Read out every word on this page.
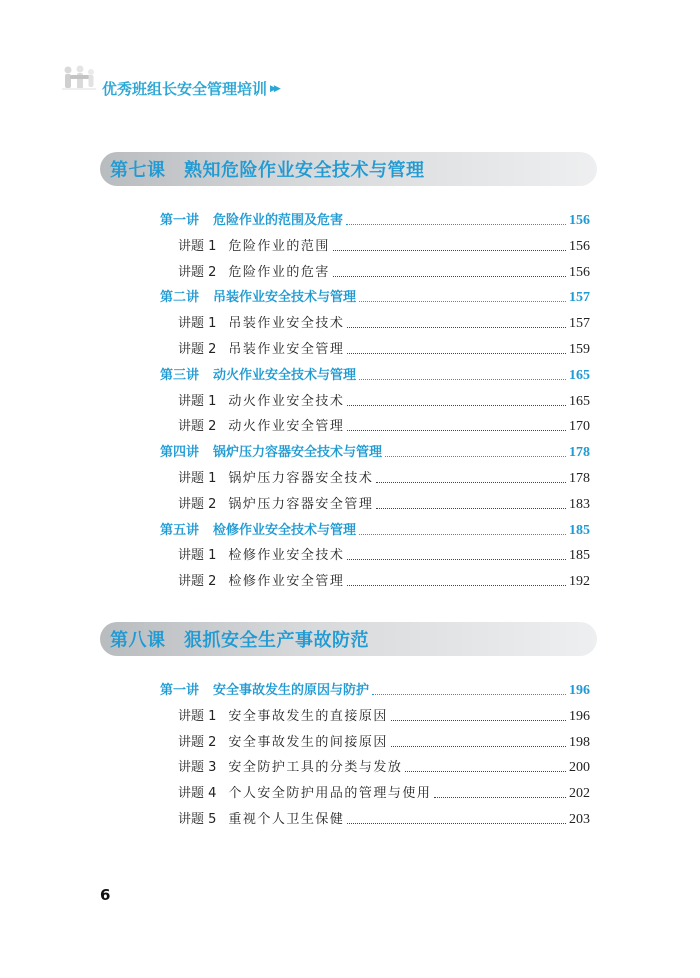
优秀班组长安全管理培训 ▶▶
第七课　熟知危险作业安全技术与管理
第一讲 危险作业的范围及危害	156
讲题 1 危险作业的范围	156
讲题 2 危险作业的危害	156
第二讲 吊装作业安全技术与管理	157
讲题 1 吊装作业安全技术	157
讲题 2 吊装作业安全管理	159
第三讲 动火作业安全技术与管理	165
讲题 1 动火作业安全技术	165
讲题 2 动火作业安全管理	170
第四讲 锅炉压力容器安全技术与管理	178
讲题 1 锅炉压力容器安全技术	178
讲题 2 锅炉压力容器安全管理	183
第五讲 检修作业安全技术与管理	185
讲题 1 检修作业安全技术	185
讲题 2 检修作业安全管理	192
第八课　狠抓安全生产事故防范
第一讲 安全事故发生的原因与防护	196
讲题 1 安全事故发生的直接原因	196
讲题 2 安全事故发生的间接原因	198
讲题 3 安全防护工具的分类与发放	200
讲题 4 个人安全防护用品的管理与使用	202
讲题 5 重视个人卫生保健	203
6
